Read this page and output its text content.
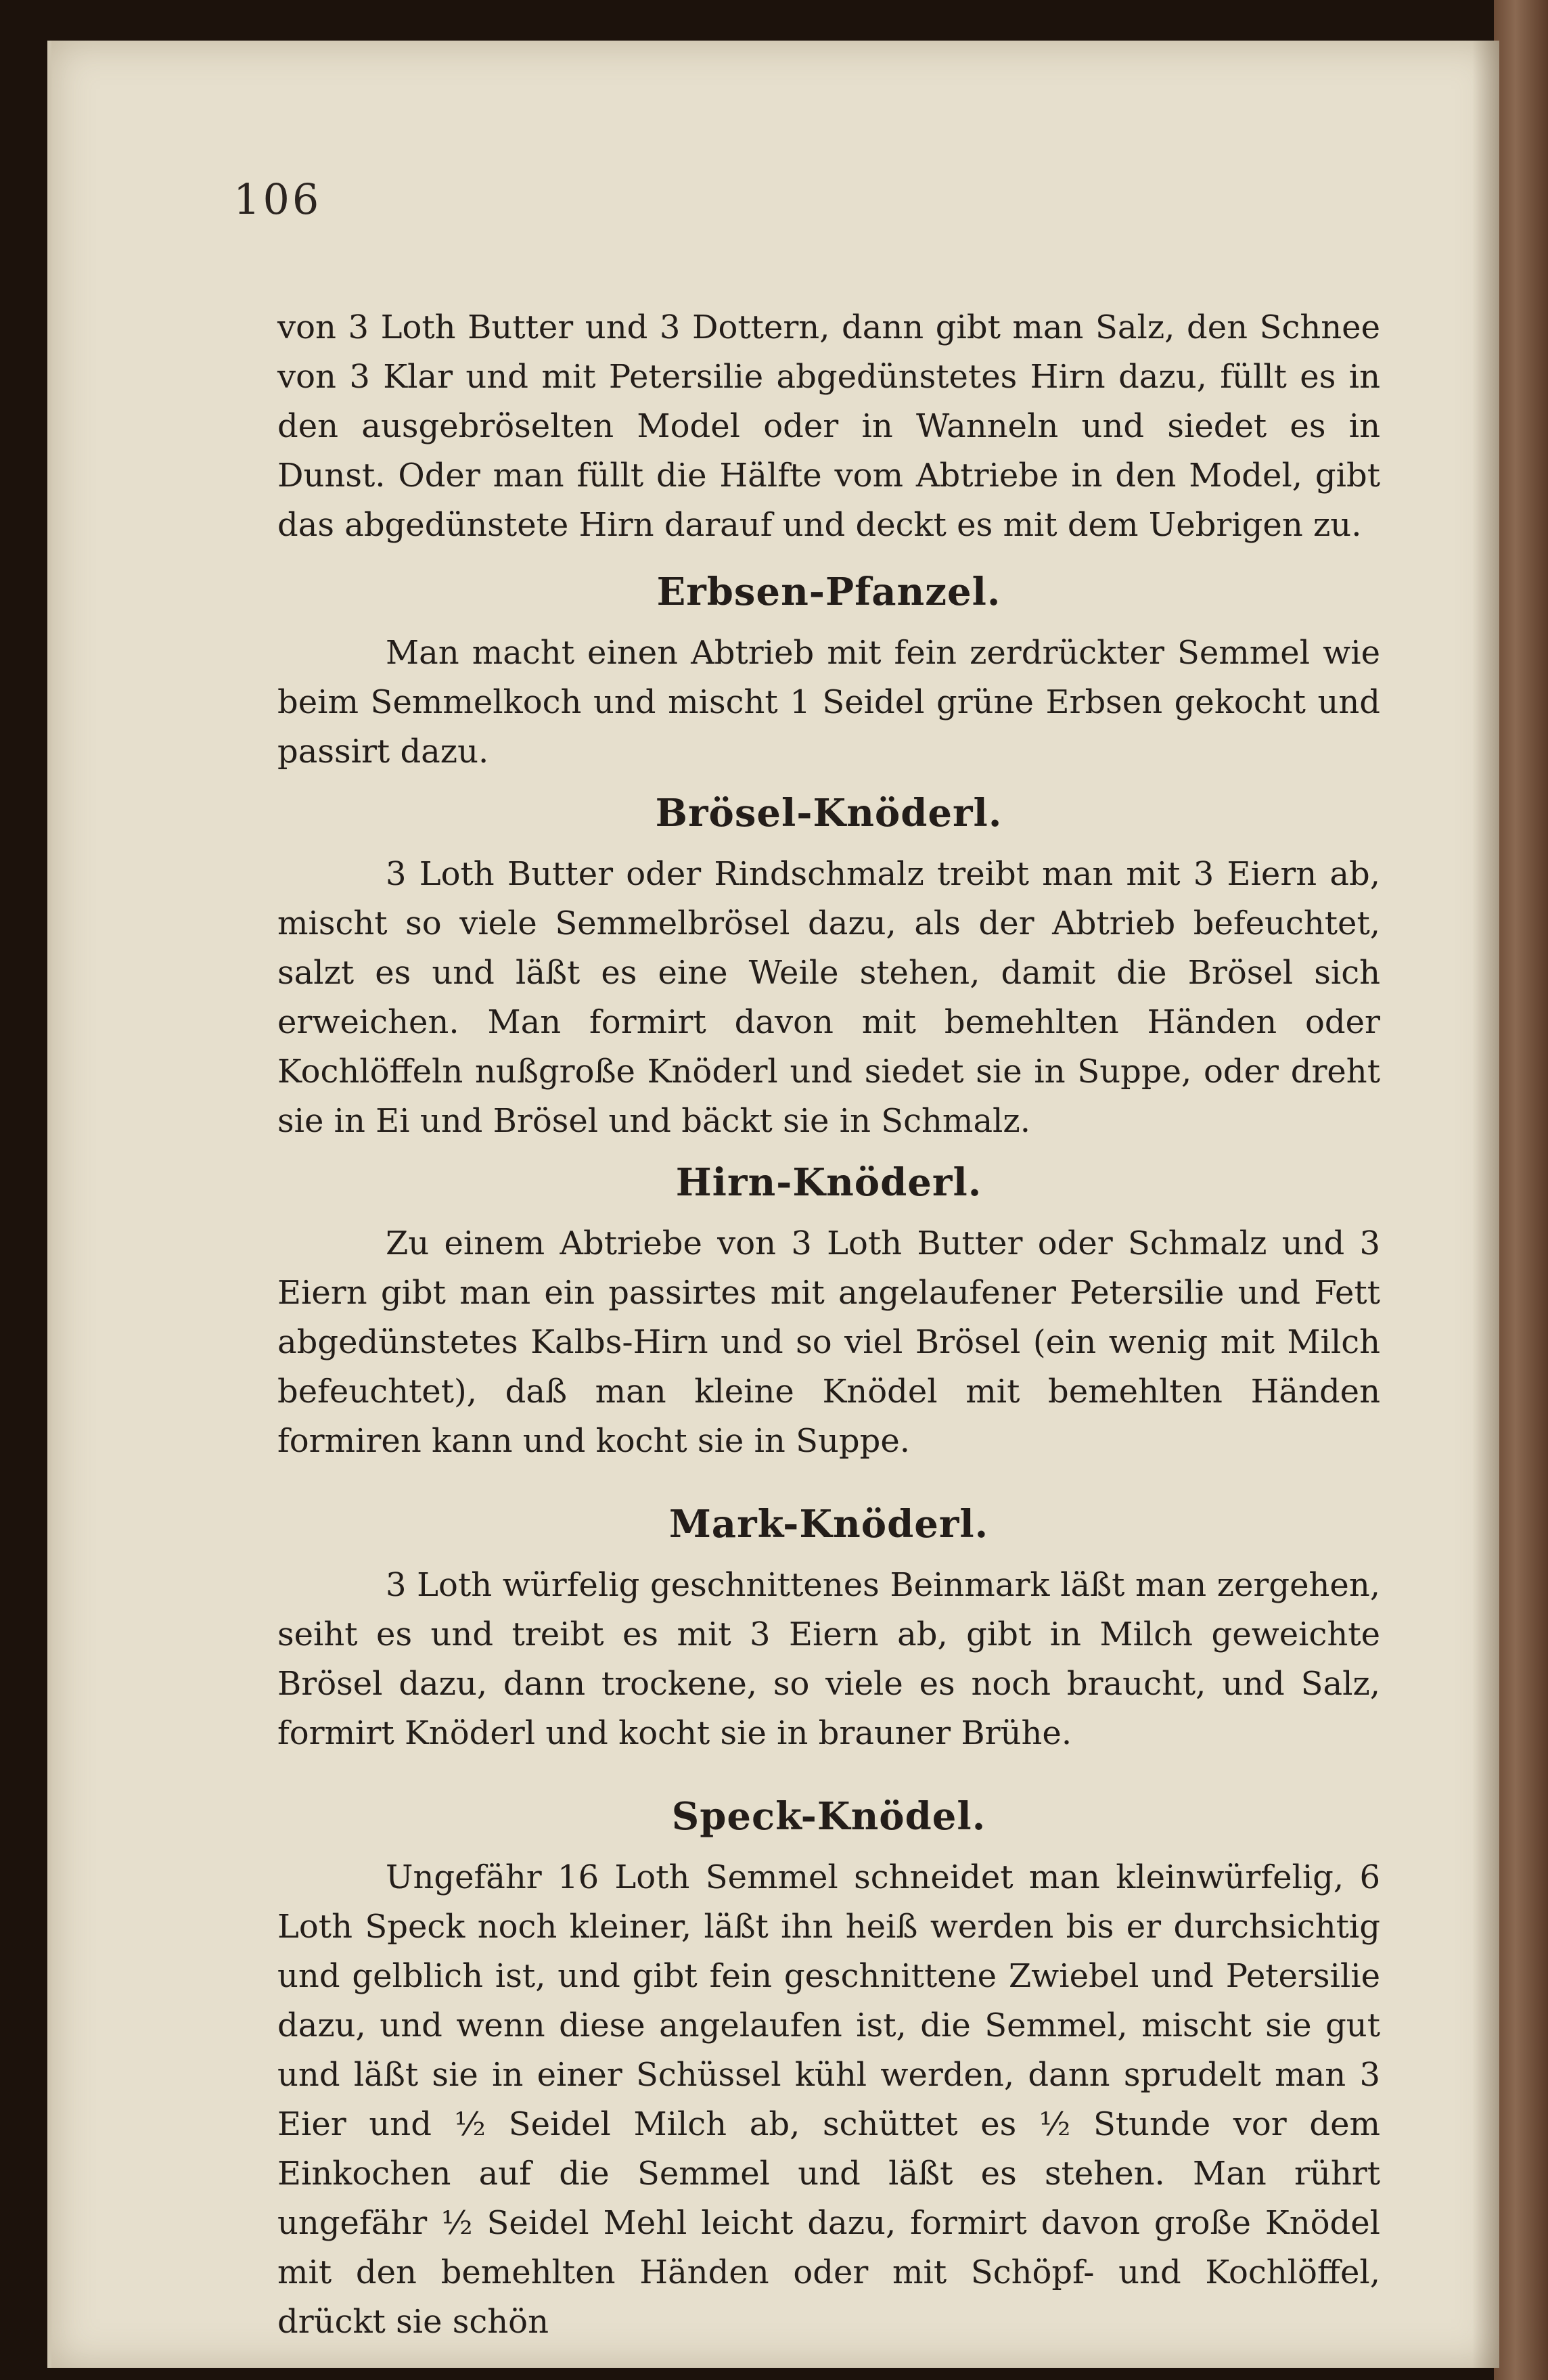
106

von 3 Loth Butter und 3 Dottern, dann gibt man Salz, den Schnee von 3 Klar und mit Petersilie abgedünstetes Hirn dazu, füllt es in den ausgebröselten Model oder in Wanneln und siedet es in Dunst. Oder man füllt die Hälfte vom Abtriebe in den Model, gibt das abgedünstete Hirn darauf und deckt es mit dem Uebrigen zu.

Erbsen-Pfanzel.

Man macht einen Abtrieb mit fein zerdrückter Semmel wie beim Semmelkoch und mischt 1 Seidel grüne Erbsen gekocht und passirt dazu.

Brösel-Knöderl.

3 Loth Butter oder Rindschmalz treibt man mit 3 Eiern ab, mischt so viele Semmelbrösel dazu, als der Abtrieb befeuchtet, salzt es und läßt es eine Weile stehen, damit die Brösel sich erweichen. Man formirt davon mit bemehlten Händen oder Kochlöffeln nußgroße Knöderl und siedet sie in Suppe, oder dreht sie in Ei und Brösel und bäckt sie in Schmalz.

Hirn-Knöderl.

Zu einem Abtriebe von 3 Loth Butter oder Schmalz und 3 Eiern gibt man ein passirtes mit angelaufener Petersilie und Fett abgedünstetes Kalbs-Hirn und so viel Brösel (ein wenig mit Milch befeuchtet), daß man kleine Knödel mit bemehlten Händen formiren kann und kocht sie in Suppe.

Mark-Knöderl.

3 Loth würfelig geschnittenes Beinmark läßt man zergehen, seiht es und treibt es mit 3 Eiern ab, gibt in Milch geweichte Brösel dazu, dann trockene, so viele es noch braucht, und Salz, formirt Knöderl und kocht sie in brauner Brühe.

Speck-Knödel.

Ungefähr 16 Loth Semmel schneidet man kleinwürfelig, 6 Loth Speck noch kleiner, läßt ihn heiß werden bis er durchsichtig und gelblich ist, und gibt fein geschnittene Zwiebel und Petersilie dazu, und wenn diese angelaufen ist, die Semmel, mischt sie gut und läßt sie in einer Schüssel kühl werden, dann sprudelt man 3 Eier und ½ Seidel Milch ab, schüttet es ½ Stunde vor dem Einkochen auf die Semmel und läßt es stehen. Man rührt ungefähr ½ Seidel Mehl leicht dazu, formirt davon große Knödel mit den bemehlten Händen oder mit Schöpf- und Kochlöffel, drückt sie schön
